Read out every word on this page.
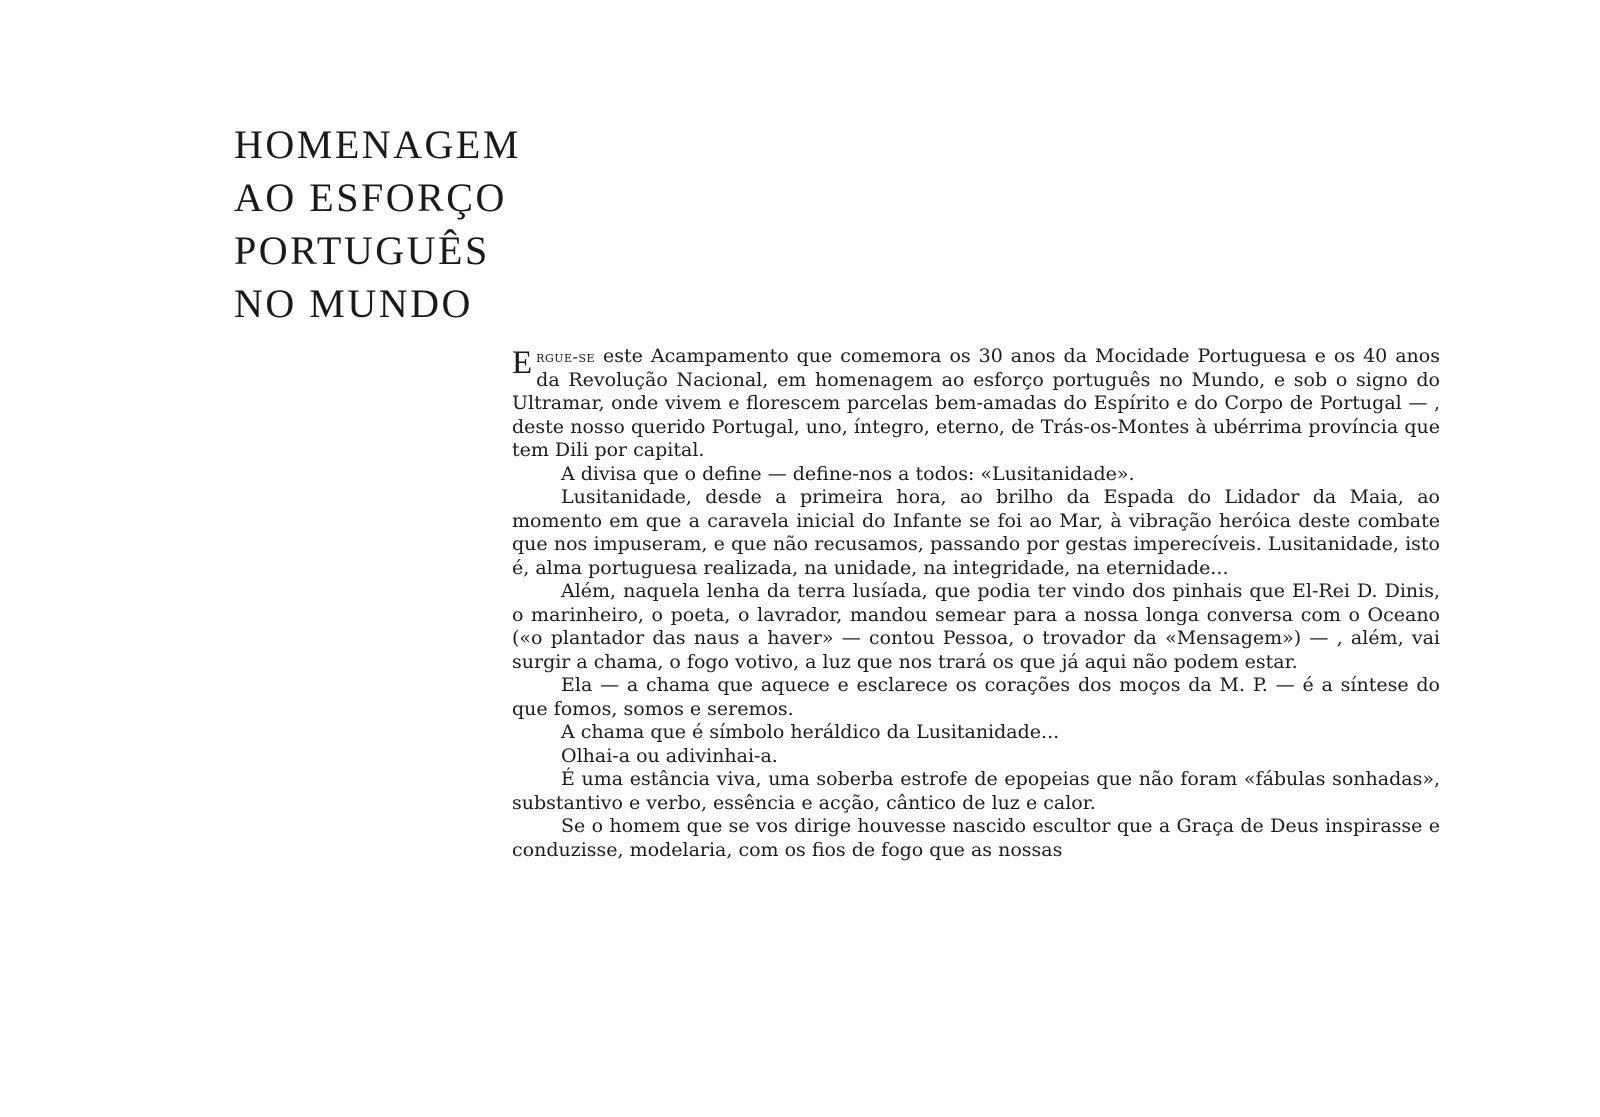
HOMENAGEM
AO ESFORÇO
PORTUGUÊS
NO MUNDO

Ergue-se este Acampamento que comemora os 30 anos da Mocidade Portuguesa e os 40 anos da Revolução Nacional, em homenagem ao esforço português no Mundo, e sob o signo do Ultramar, onde vivem e florescem parcelas bem-amadas do Espírito e do Corpo de Portugal — , deste nosso querido Portugal, uno, íntegro, eterno, de Trás-os-Montes à ubérrima província que tem Dili por capital.

A divisa que o define — define-nos a todos: «Lusitanidade».

Lusitanidade, desde a primeira hora, ao brilho da Espada do Lidador da Maia, ao momento em que a caravela inicial do Infante se foi ao Mar, à vibração heróica deste combate que nos impuseram, e que não recusamos, passando por gestas imperecíveis. Lusitanidade, isto é, alma portuguesa realizada, na unidade, na integridade, na eternidade...

Além, naquela lenha da terra lusíada, que podia ter vindo dos pinhais que El-Rei D. Dinis, o marinheiro, o poeta, o lavrador, mandou semear para a nossa longa conversa com o Oceano («o plantador das naus a haver» — contou Pessoa, o trovador da «Mensagem») — , além, vai surgir a chama, o fogo votivo, a luz que nos trará os que já aqui não podem estar.

Ela — a chama que aquece e esclarece os corações dos moços da M. P. — é a síntese do que fomos, somos e seremos.

A chama que é símbolo heráldico da Lusitanidade...

Olhai-a ou adivinhai-a.

É uma estância viva, uma soberba estrofe de epopeias que não foram «fábulas sonhadas», substantivo e verbo, essência e acção, cântico de luz e calor.

Se o homem que se vos dirige houvesse nascido escultor que a Graça de Deus inspirasse e conduzisse, modelaria, com os fios de fogo que as nossas
